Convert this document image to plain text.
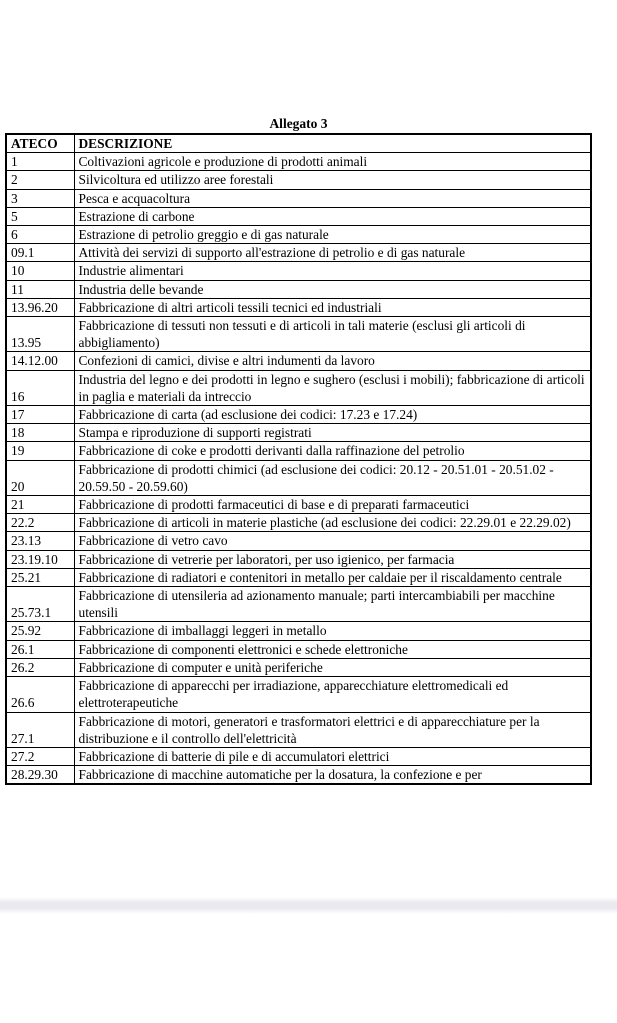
Allegato 3
ATECO	DESCRIZIONE
1	Coltivazioni agricole e produzione di prodotti animali
2	Silvicoltura ed utilizzo aree forestali
3	Pesca e acquacoltura
5	Estrazione di carbone
6	Estrazione di petrolio greggio e di gas naturale
09.1	Attività dei servizi di supporto all'estrazione di petrolio e di gas naturale
10	Industrie alimentari
11	Industria delle bevande
13.96.20	Fabbricazione di altri articoli tessili tecnici ed industriali
13.95	Fabbricazione di tessuti non tessuti e di articoli in tali materie (esclusi gli articoli di abbigliamento)
14.12.00	Confezioni di camici, divise e altri indumenti da lavoro
16	Industria del legno e dei prodotti in legno e sughero (esclusi i mobili); fabbricazione di articoli in paglia e materiali da intreccio
17	Fabbricazione di carta (ad esclusione dei codici: 17.23 e 17.24)
18	Stampa e riproduzione di supporti registrati
19	Fabbricazione di coke e prodotti derivanti dalla raffinazione del petrolio
20	Fabbricazione di prodotti chimici (ad esclusione dei codici: 20.12 - 20.51.01 - 20.51.02 - 20.59.50 - 20.59.60)
21	Fabbricazione di prodotti farmaceutici di base e di preparati farmaceutici
22.2	Fabbricazione di articoli in materie plastiche (ad esclusione dei codici: 22.29.01 e 22.29.02)
23.13	Fabbricazione di vetro cavo
23.19.10	Fabbricazione di vetrerie per laboratori, per uso igienico, per farmacia
25.21	Fabbricazione di radiatori e contenitori in metallo per caldaie per il riscaldamento centrale
25.73.1	Fabbricazione di utensileria ad azionamento manuale; parti intercambiabili per macchine utensili
25.92	Fabbricazione di imballaggi leggeri in metallo
26.1	Fabbricazione di componenti elettronici e schede elettroniche
26.2	Fabbricazione di computer e unità periferiche
26.6	Fabbricazione di apparecchi per irradiazione, apparecchiature elettromedicali ed elettroterapeutiche
27.1	Fabbricazione di motori, generatori e trasformatori elettrici e di apparecchiature per la distribuzione e il controllo dell'elettricità
27.2	Fabbricazione di batterie di pile e di accumulatori elettrici
28.29.30	Fabbricazione di macchine automatiche per la dosatura, la confezione e per
